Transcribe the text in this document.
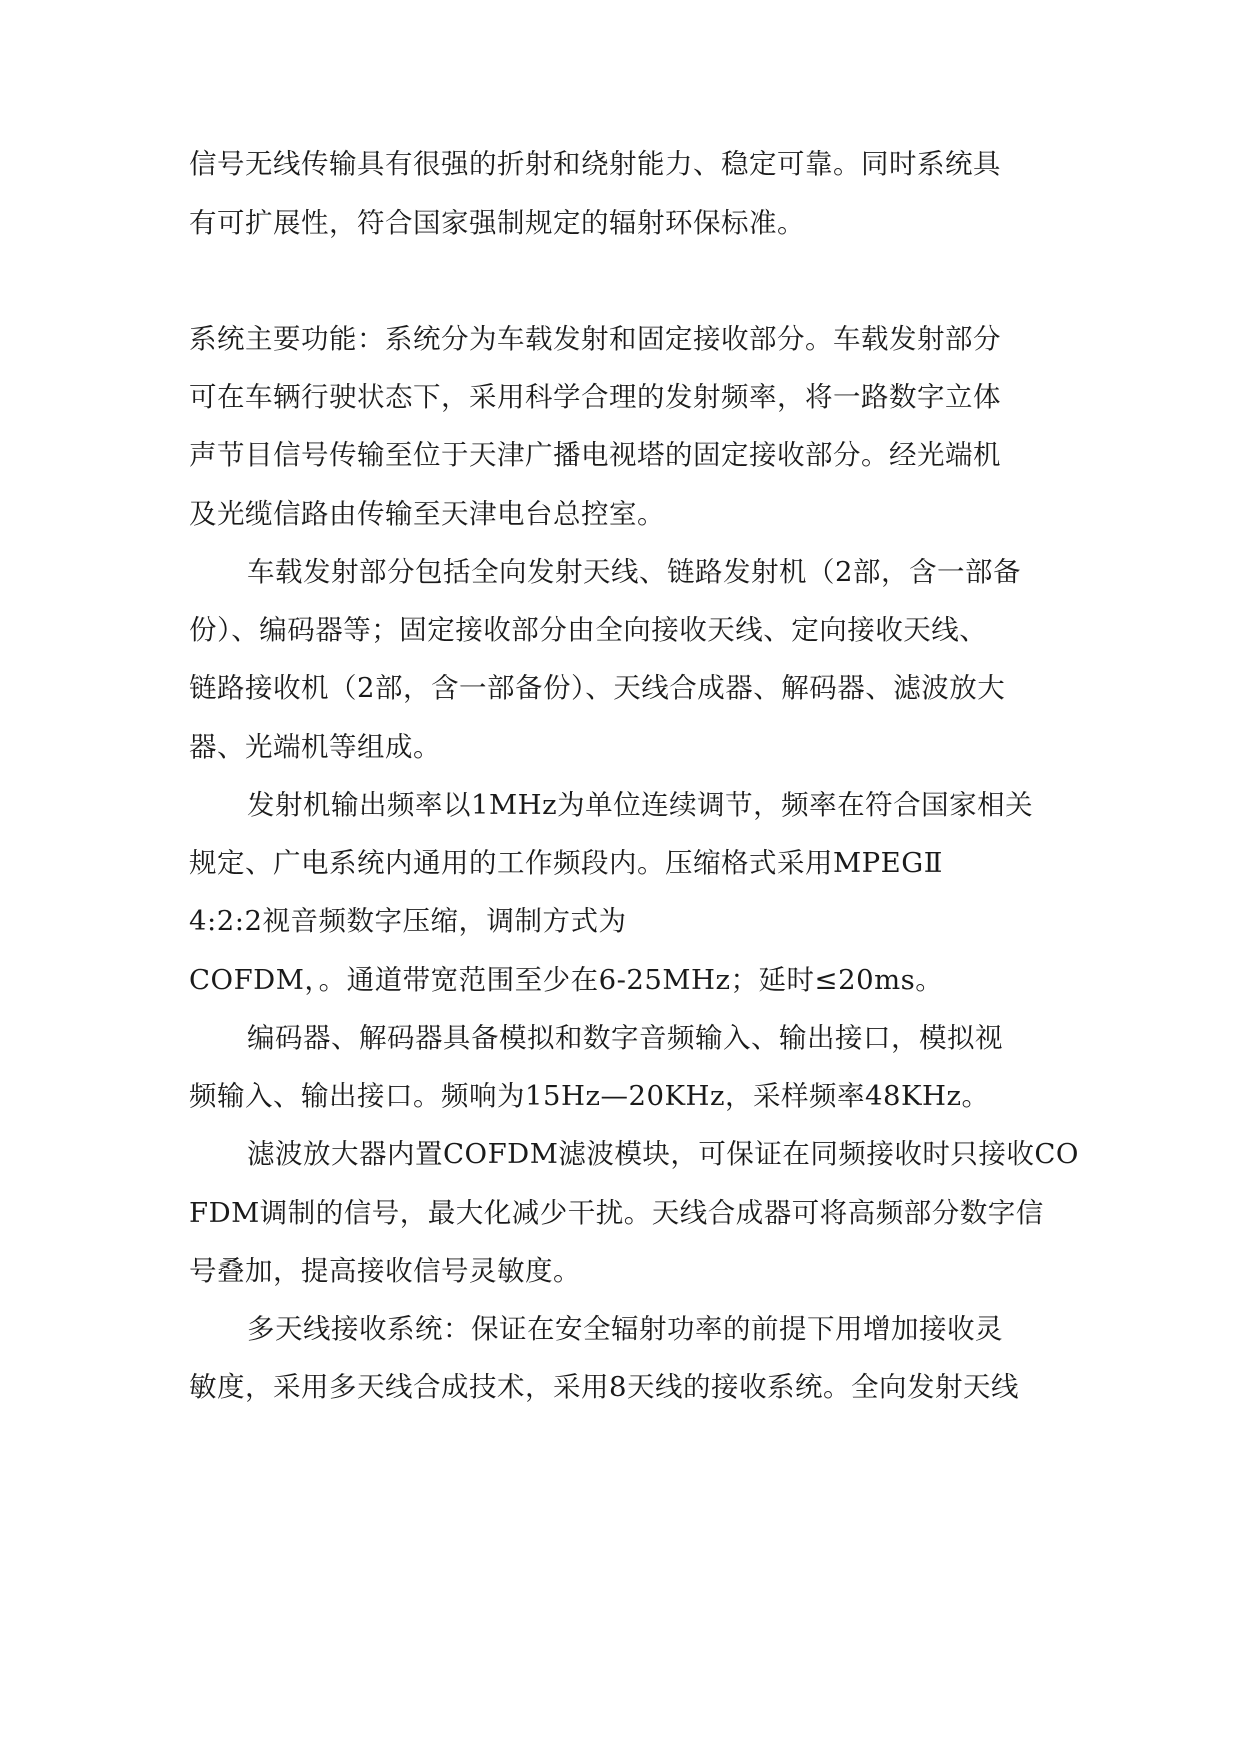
信号无线传输具有很强的折射和绕射能力、稳定可靠。同时系统具

有可扩展性，符合国家强制规定的辐射环保标准。

系统主要功能：系统分为车载发射和固定接收部分。车载发射部分

可在车辆行驶状态下，采用科学合理的发射频率，将一路数字立体

声节目信号传输至位于天津广播电视塔的固定接收部分。经光端机

及光缆信路由传输至天津电台总控室。

车载发射部分包括全向发射天线、链路发射机（2部，含一部备

份）、编码器等；固定接收部分由全向接收天线、定向接收天线、

链路接收机（2部，含一部备份）、天线合成器、解码器、滤波放大

器、光端机等组成。

发射机输出频率以1MHz为单位连续调节，频率在符合国家相关

规定、广电系统内通用的工作频段内。压缩格式采用MPEGⅡ

4:2:2视音频数字压缩，调制方式为

COFDM，。通道带宽范围至少在6-25MHz；延时≤20ms。

编码器、解码器具备模拟和数字音频输入、输出接口，模拟视

频输入、输出接口。频响为15Hz—20KHz，采样频率48KHz。

滤波放大器内置COFDM滤波模块，可保证在同频接收时只接收CO

FDM调制的信号，最大化减少干扰。天线合成器可将高频部分数字信

号叠加，提高接收信号灵敏度。

多天线接收系统：保证在安全辐射功率的前提下用增加接收灵

敏度，采用多天线合成技术，采用8天线的接收系统。全向发射天线
